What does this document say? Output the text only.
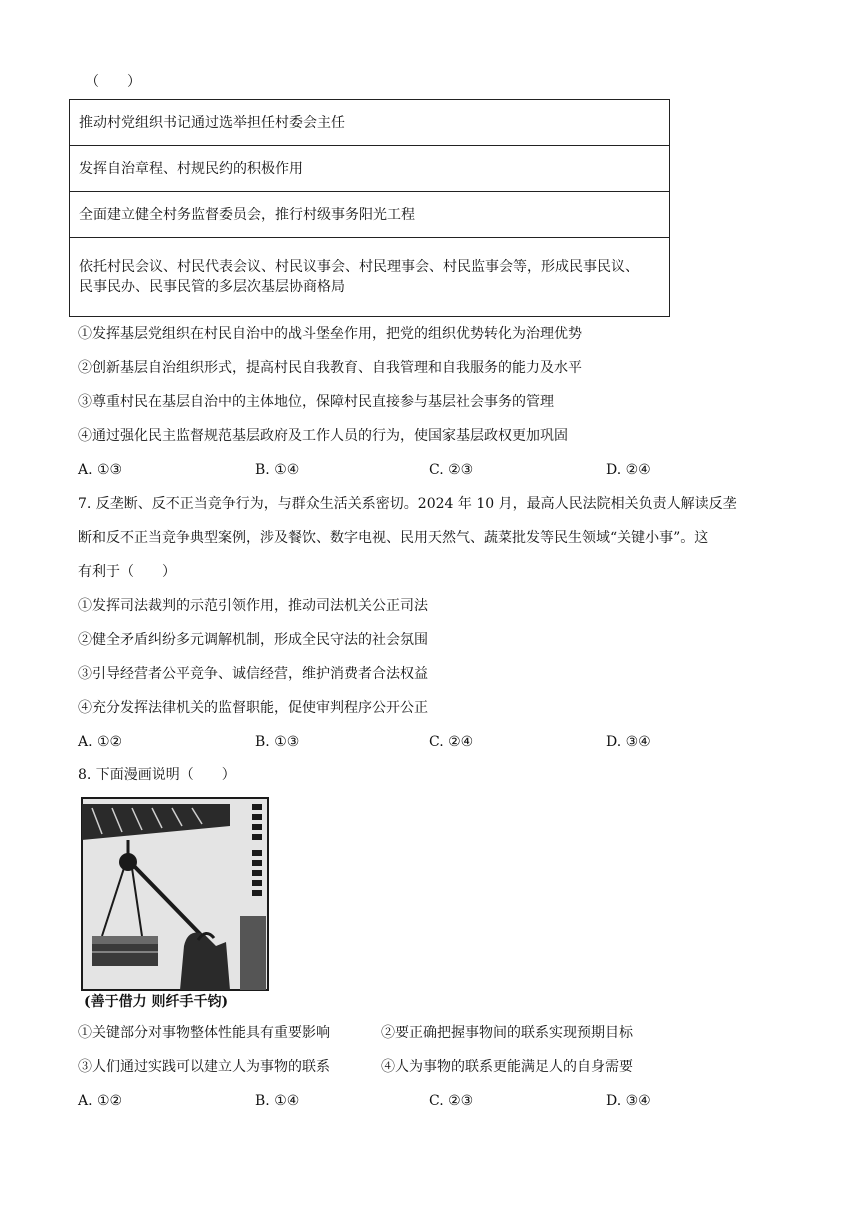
（　　）
推动村党组织书记通过选举担任村委会主任
发挥自治章程、村规民约的积极作用
全面建立健全村务监督委员会，推行村级事务阳光工程

依托村民会议、村民代表会议、村民议事会、村民理事会、村民监事会等，形成民事民议、
民事民办、民事民管的多层次基层协商格局
①发挥基层党组织在村民自治中的战斗堡垒作用，把党的组织优势转化为治理优势
②创新基层自治组织形式，提高村民自我教育、自我管理和自我服务的能力及水平
③尊重村民在基层自治中的主体地位，保障村民直接参与基层社会事务的管理
④通过强化民主监督规范基层政府及工作人员的行为，使国家基层政权更加巩固
A. ①③	B. ①④	C. ②③	D. ②④
7. 反垄断、反不正当竞争行为，与群众生活关系密切。2024 年 10 月，最高人民法院相关负责人解读反垄
断和反不正当竞争典型案例，涉及餐饮、数字电视、民用天然气、蔬菜批发等民生领域“关键小事”。这
有利于（　　）
①发挥司法裁判的示范引领作用，推动司法机关公正司法
②健全矛盾纠纷多元调解机制，形成全民守法的社会氛围
③引导经营者公平竞争、诚信经营，维护消费者合法权益
④充分发挥法律机关的监督职能，促使审判程序公开公正
A. ①②	B. ①③	C. ②④	D. ③④
8. 下面漫画说明（　　）
(善于借力 则纤手千钧)
①关键部分对事物整体性能具有重要影响	②要正确把握事物间的联系实现预期目标
③人们通过实践可以建立人为事物的联系	④人为事物的联系更能满足人的自身需要
A. ①②	B. ①④	C. ②③	D. ③④
